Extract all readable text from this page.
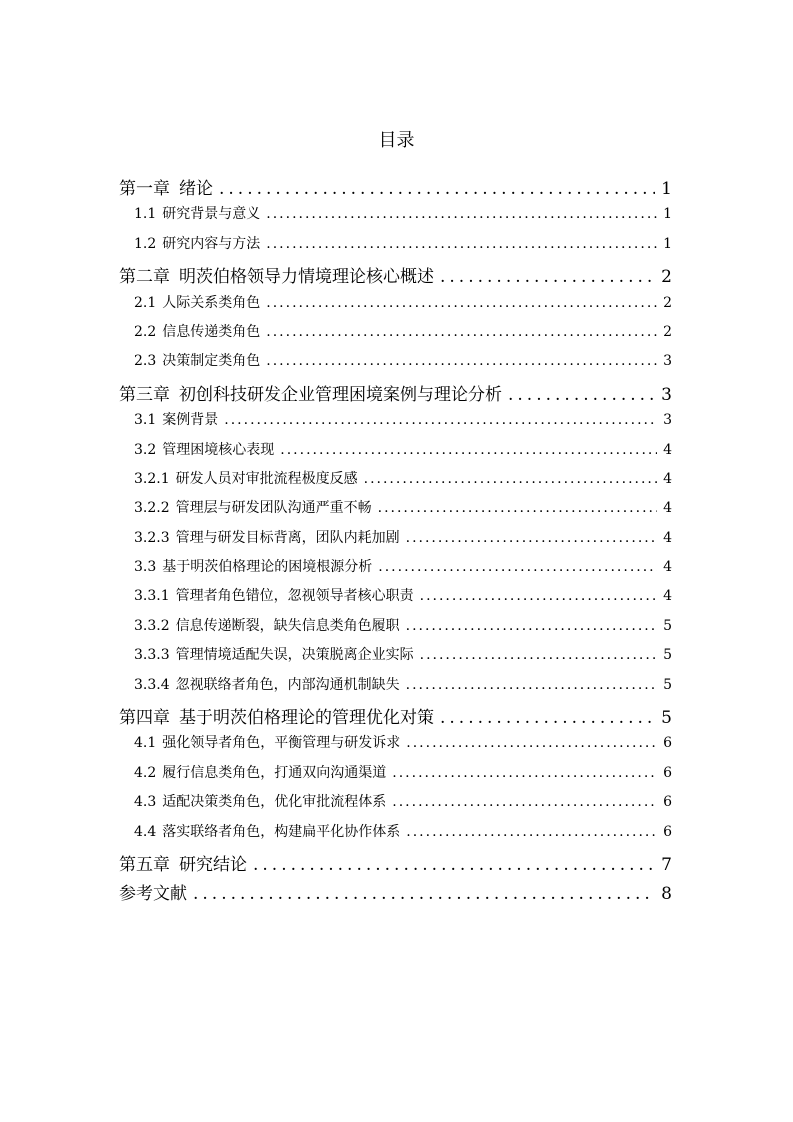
目录
第一章 绪论 .....	1
1.1 研究背景与意义 .....	1
1.2 研究内容与方法 .....	1
第二章 明茨伯格领导力情境理论核心概述 .....	2
2.1 人际关系类角色 .....	2
2.2 信息传递类角色 .....	2
2.3 决策制定类角色 .....	3
第三章 初创科技研发企业管理困境案例与理论分析 .....	3
3.1 案例背景 .....	3
3.2 管理困境核心表现 .....	4
3.2.1 研发人员对审批流程极度反感 .....	4
3.2.2 管理层与研发团队沟通严重不畅 .....	4
3.2.3 管理与研发目标背离，团队内耗加剧 .....	4
3.3 基于明茨伯格理论的困境根源分析 .....	4
3.3.1 管理者角色错位，忽视领导者核心职责 .....	4
3.3.2 信息传递断裂，缺失信息类角色履职 .....	5
3.3.3 管理情境适配失误，决策脱离企业实际 .....	5
3.3.4 忽视联络者角色，内部沟通机制缺失 .....	5
第四章 基于明茨伯格理论的管理优化对策 .....	5
4.1 强化领导者角色，平衡管理与研发诉求 .....	6
4.2 履行信息类角色，打通双向沟通渠道 .....	6
4.3 适配决策类角色，优化审批流程体系 .....	6
4.4 落实联络者角色，构建扁平化协作体系 .....	6
第五章 研究结论 .....	7
参考文献 .....	8
